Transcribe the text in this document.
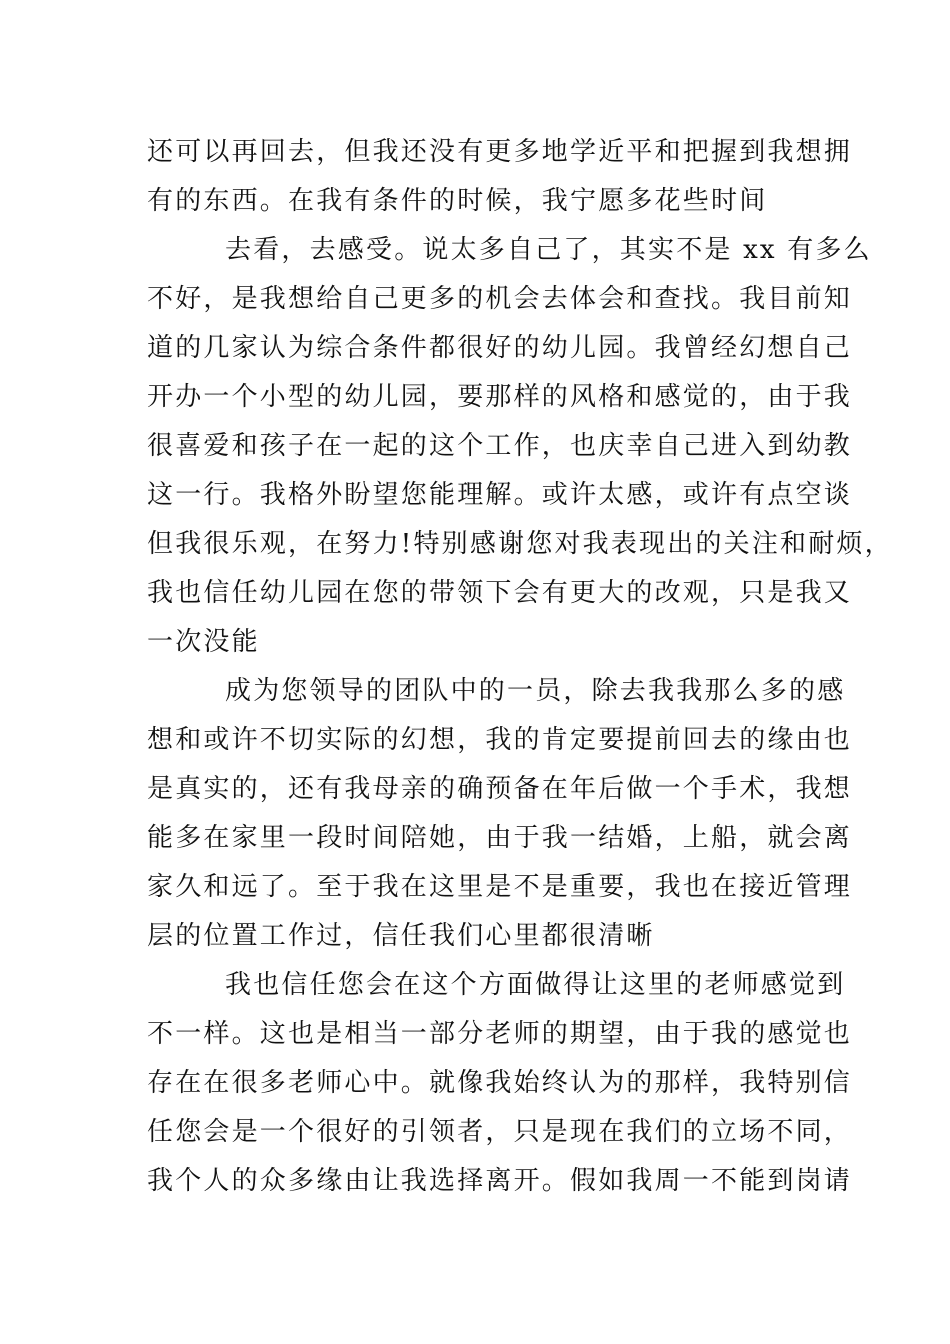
还可以再回去，但我还没有更多地学近平和把握到我想拥
有的东西。在我有条件的时候，我宁愿多花些时间
去看，去感受。说太多自己了，其实不是 xx 有多么
不好，是我想给自己更多的机会去体会和查找。我目前知
道的几家认为综合条件都很好的幼儿园。我曾经幻想自己
开办一个小型的幼儿园，要那样的风格和感觉的，由于我
很喜爱和孩子在一起的这个工作，也庆幸自己进入到幼教
这一行。我格外盼望您能理解。或许太感，或许有点空谈
但我很乐观，在努力!特别感谢您对我表现出的关注和耐烦，
我也信任幼儿园在您的带领下会有更大的改观，只是我又
一次没能
成为您领导的团队中的一员，除去我我那么多的感
想和或许不切实际的幻想，我的肯定要提前回去的缘由也
是真实的，还有我母亲的确预备在年后做一个手术，我想
能多在家里一段时间陪她，由于我一结婚，上船，就会离
家久和远了。至于我在这里是不是重要，我也在接近管理
层的位置工作过，信任我们心里都很清晰
我也信任您会在这个方面做得让这里的老师感觉到
不一样。这也是相当一部分老师的期望，由于我的感觉也
存在在很多老师心中。就像我始终认为的那样，我特别信
任您会是一个很好的引领者，只是现在我们的立场不同，
我个人的众多缘由让我选择离开。假如我周一不能到岗请
